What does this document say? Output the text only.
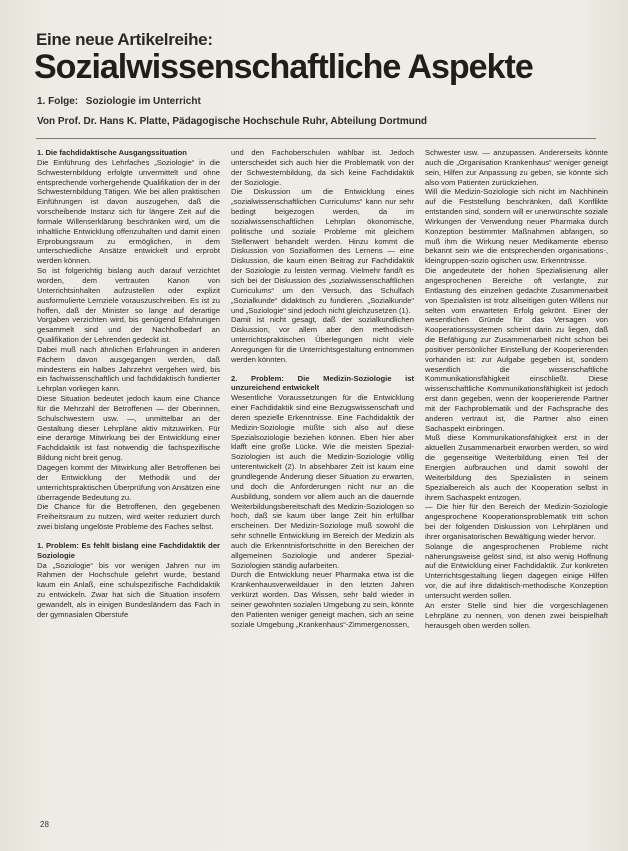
Eine neue Artikelreihe:
Sozialwissenschaftliche Aspekte
1. Folge: Soziologie im Unterricht
Von Prof. Dr. Hans K. Platte, Pädagogische Hochschule Ruhr, Abteilung Dortmund
1. Die fachdidaktische Ausgangssituation

Die Einführung des Lehrfaches „Soziologie“ in die Schwesternbildung erfolgte unvermittelt und ohne entsprechende vorhergehende Qualifikation der in der Schwesternbildung Tätigen. Wie bei allen praktischen Einführungen ist davon auszugehen, daß die vorscheibende Instanz sich für längere Zeit auf die formale Willenserklärung beschränken wird, um die inhaltliche Entwicklung offenzuhalten und damit einen Erprobungsraum zu ermöglichen, in dem unterschiedliche Ansätze entwickelt und erprobt werden können.

So ist folgerichtig bislang auch darauf verzichtet worden, dem vertrauten Kanon von Unterrichtsinhalten aufzustellen oder explizit ausformulierte Lernziele vorauszuschreiben. Es ist zu hoffen, daß der Minister so lange auf derartige Vorgaben verzichten wird, bis genügend Erfahrungen gesammelt sind und der Nachholbedarf an Qualifikation der Lehrenden gedeckt ist.

Dabei muß nach ähnlichen Erfahrungen in anderen Fächern davon ausgegangen werden, daß mindestens ein halbes Jahrzehnt vergehen wird, bis ein fachwissenschaftlich und fachdidaktisch fundierter Lehrplan vorliegen kann.

Diese Situation bedeutet jedoch kaum eine Chance für die Mehrzahl der Betroffenen — der Oberinnen, Schulschwestern usw. —, unmittelbar an der Gestaltung dieser Lehrpläne aktiv mitzuwirken. Für eine derartige Mitwirkung bei der Entwicklung einer Fachdidaktik ist fast notwendig die fachspezifische Bildung nicht breit genug.

Dagegen kommt der Mitwirkung aller Betroffenen bei der Entwicklung der Methodik und der unterrichtspraktischen Überprüfung von Ansätzen eine überragende Bedeutung zu.

Die Chance für die Betroffenen, den gegebenen Freiheitsraum zu nutzen, wird weiter reduziert durch zwei bislang ungelöste Probleme des Faches selbst.

1. Problem: Es fehlt bislang eine Fachdidaktik der Soziologie

Da „Soziologie“ bis vor wenigen Jahren nur im Rahmen der Hochschule gelehrt wurde, bestand kaum ein Anlaß, eine schulspezifische Fachdidaktik zu entwickeln. Zwar hat sich die Situation insofern gewandelt, als in einigen Bundesländern das Fach in der gymnasialen Oberstufe

und den Fachoberschulen wählbar ist. Jedoch unterscheidet sich auch hier die Problematik von der der Schwesternbildung, da sich keine Fachdidaktik der Soziologie.

Die Diskussion um die Entwicklung eines „sozialwissenschaftlichen Curriculums“ kann nur sehr bedingt beigezogen werden, da im sozialwissenschaftlichen Lehrplan ökonomische, politische und soziale Probleme mit gleichem Stellenwert behandelt werden. Hinzu kommt die Diskussion von Sozialformen des Lernens — eine Diskussion, die kaum einen Beitrag zur Fachdidaktik der Soziologie zu leisten vermag. Vielmehr fand/t es sich bei der Diskussion des „sozialwissenschaftlichen Curriculums“ um den Versuch, das Schulfach „Sozialkunde“ didaktisch zu fundieren. „Sozialkunde“ und „Soziologie“ sind jedoch nicht gleichzusetzen (1).

Damit ist nicht gesagt, daß der sozialkundlichen Diskussion, vor allem aber den methodisch-unterrichtspraktischen Überlegungen nicht viele Anregungen für die Unterrichtsgestaltung entnommen werden könnten.

2. Problem: Die Medizin-Soziologie ist unzureichend entwickelt

Wesentliche Voraussetzungen für die Entwicklung einer Fachdidaktik sind eine Bezugswissenschaft und deren spezielle Erkenntnisse. Eine Fachdidaktik der Medizin-Soziologie müßte sich also auf diese Spezialsoziologie beziehen können. Eben hier aber klafft eine große Lücke. Wie die meisten Spezial-Soziologien ist auch die Medizin-Soziologie völlig unterentwickelt (2). In absehbarer Zeit ist kaum eine grundlegende Änderung dieser Situation zu erwarten, und doch die Anforderungen nicht nur an die Ausbildung, sondern vor allem auch an die dauernde Weiterbildungsbereitschaft des Medizin-Soziologen so hoch, daß sie kaum über lange Zeit hin erfüllbar erscheinen. Der Medizin-Soziologe muß sowohl die sehr schnelle Entwicklung im Bereich der Medizin als auch die Erkenntnisfortschritte in den Bereichen der allgemeinen Soziologie und anderer Spezial-Soziologien ständig aufarbeiten.

Durch die Entwicklung neuer Pharmaka etwa ist die Krankenhausverweildauer in den letzten Jahren verkürzt worden. Das Wissen, sehr bald wieder in seiner gewohnten sozialen Umgebung zu sein, könnte den Patienten weniger geneigt machen, sich an seine soziale Umgebung „Krankenhaus“-Zimmergenossen,

Schwester usw. — anzupassen. Andererseits könnte auch die „Organisation Krankenhaus“ weniger geneigt sein, Hilfen zur Anpassung zu geben, sie könnte sich also vom Patienten zurückziehen.

Will die Medizin-Soziologie sich nicht im Nachhinein auf die Feststellung beschränken, daß Konflikte entstanden sind, sondern will er unerwünschte soziale Wirkungen der Verwendung neuer Pharmaka durch Konzeption bestimmter Maßnahmen abfangen, so muß ihm die Wirkung neuer Medikamente ebenso bekannt sein wie die entsprechenden organisations-, kleingruppen-sozio ogischen usw. Erkenntnisse.

Die angedeutete der hohen Spezialisierung aller angesprochenen Bereiche oft verlangte, zur Entlastung des einzelnen gedachte Zusammenarbeit von Spezialisten ist trotz allseitigen guten Willens nur selten vom erwarteten Erfolg gekrönt. Einer der wesentlichen Gründe für das Versagen von Kooperationssystemen scheint darin zu liegen, daß die Befähigung zur Zusammenarbeit nicht schon bei positiver persönlicher Einstellung der Kooperierenden vorhanden ist: zur Aufgabe gegeben ist, sondern wesentlich die wissenschaftliche Kommunikationsfähigkeit einschließt. Diese wissenschaftliche Kommunikationsfähigkeit ist jedoch erst dann gegeben, wenn der kooperierende Partner mit der Fachproblematik und der Fachsprache des anderen vertraut ist, die Partner also einen Sachaspekt einbringen.

Muß diese Kommunikationsfähigkeit erst in der aktuellen Zusammenarbeit erworben werden, so wird die gegenseitige Weiterbildung einen Teil der Energien aufbrauchen und damit sowohl der Weiterbildung des Spezialisten in seinem Spezialbereich als auch der Kooperation selbst in ihrem Sachaspekt entzogen.

— Die hier für den Bereich der Medizin-Soziologie angesprochene Kooperationsproblematik tritt schon bei der folgenden Diskussion von Lehrplänen und ihrer organisatorischen Bewältigung wieder hervor.

Solange die angesprochenen Probleme nicht näherungsweise gelöst sind, ist also wenig Hoffnung auf die Entwicklung einer Fachdidaktik. Zur konkreten Unterrichtsgestaltung liegen dagegen einige Hilfen vor, die auf ihre didaktisch-methodische Konzeption untersucht werden sollen.

An erster Stelle sind hier die vorgeschlagenen Lehrpläne zu nennen, von denen zwei beispielhaft herausgeh oben werden sollen.

28
